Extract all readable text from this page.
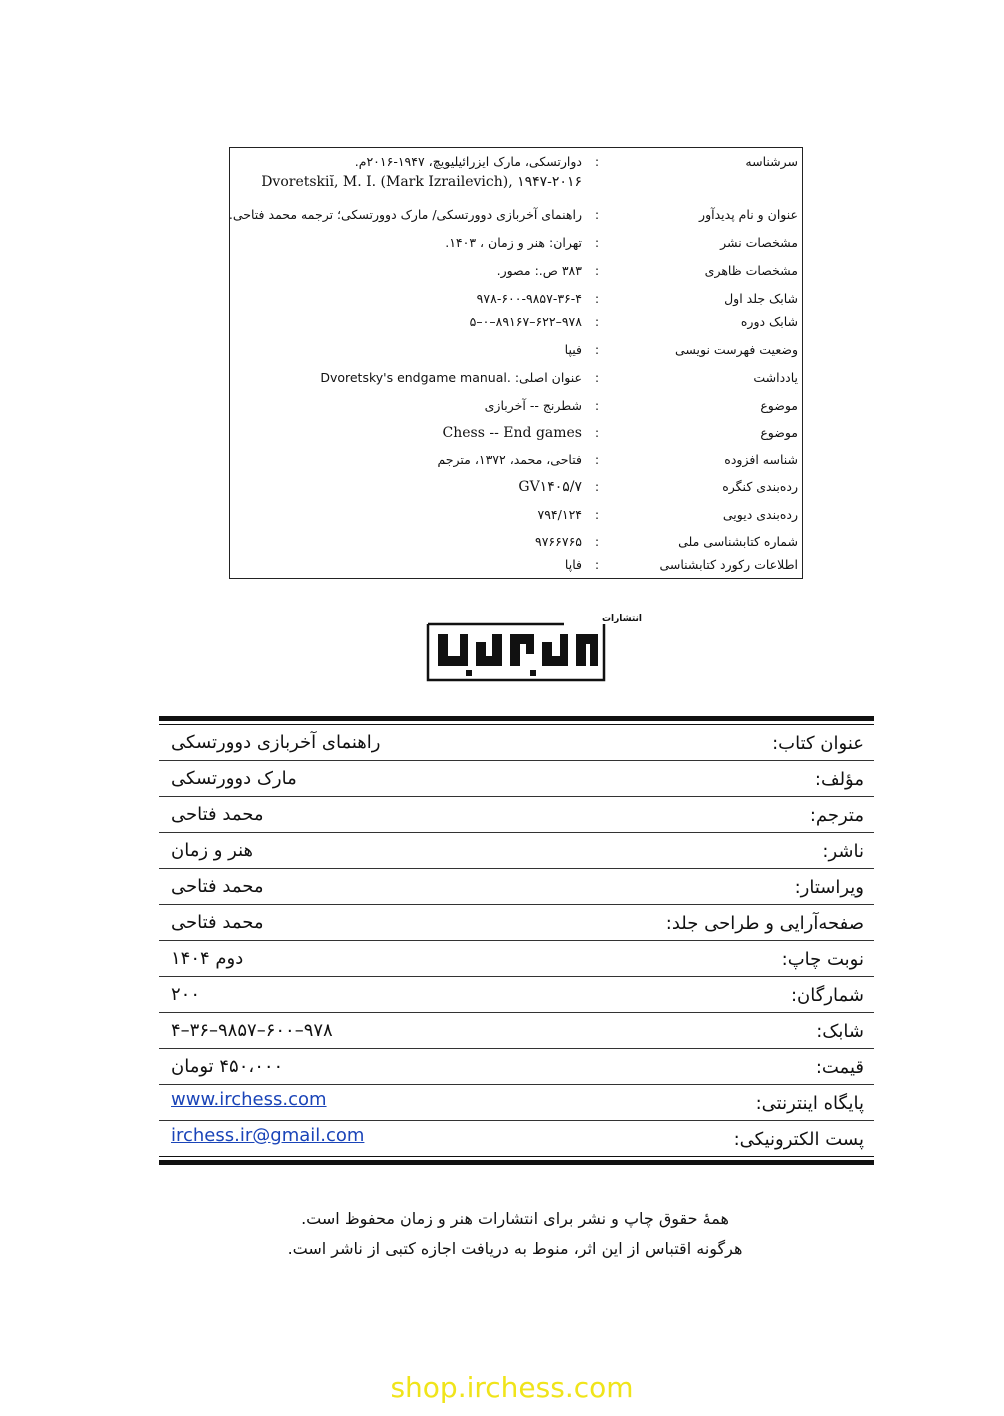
سرشناسه
:
دوارتسکی، مارک ایزرائیلیویچ، ۱۹۴۷-۲۰۱۶م.
Dvoretskiĭ, M. I. (Mark Izrailevich), ۱۹۴۷-۲۰۱۶
عنوان و نام پدیدآور
:
راهنمای آخربازی دوورتسکی/ مارک دوورتسکی؛ ترجمه محمد فتاحی.
مشخصات نشر
:
تهران: هنر و زمان ، ۱۴۰۳.
مشخصات ظاهری
:
۳۸۳ ص.: مصور.
شابک جلد اول
:
۹۷۸-۶۰۰-۹۸۵۷-۳۶-۴
شابک دوره
:
۹۷۸–۶۲۲–۸۹۱۶۷–۰–۵
وضعیت فهرست نویسی
:
فیپا
یادداشت
:
عنوان اصلی: .Dvoretsky's endgame manual
موضوع
:
شطرنج -- آخربازی
موضوع
:
Chess -- End games
شناسه افزوده
:
فتاحی، محمد، ۱۳۷۲، مترجم
ردەبندی کنگره
:
GV۱۴۰۵/۷
ردەبندی دیویی
:
۷۹۴/۱۲۴
شماره کتابشناسی ملی
:
۹۷۶۶۷۶۵
اطلاعات رکورد کتابشناسی
:
فاپا
انتشارات
عنوان کتاب:
راهنمای آخربازی دوورتسکی
مؤلف:
مارک دوورتسکی
مترجم:
محمد فتاحی
ناشر:
هنر و زمان
ویراستار:
محمد فتاحی
صفحه‌آرایی و طراحی جلد:
محمد فتاحی
نوبت چاپ:
دوم ۱۴۰۴
شمارگان:
۲۰۰
شابک:
۹۷۸–۶۰۰–۹۸۵۷–۳۶–۴
قیمت:
۴۵۰،۰۰۰ تومان
پایگاه اینترنتی:
www.irchess.com
پست الکترونیکی:
irchess.ir@gmail.com
همهٔ حقوق چاپ و نشر برای انتشارات هنر و زمان محفوظ است.
هرگونه اقتباس از این اثر، منوط به دریافت اجازه کتبی از ناشر است.
shop.irchess.com
